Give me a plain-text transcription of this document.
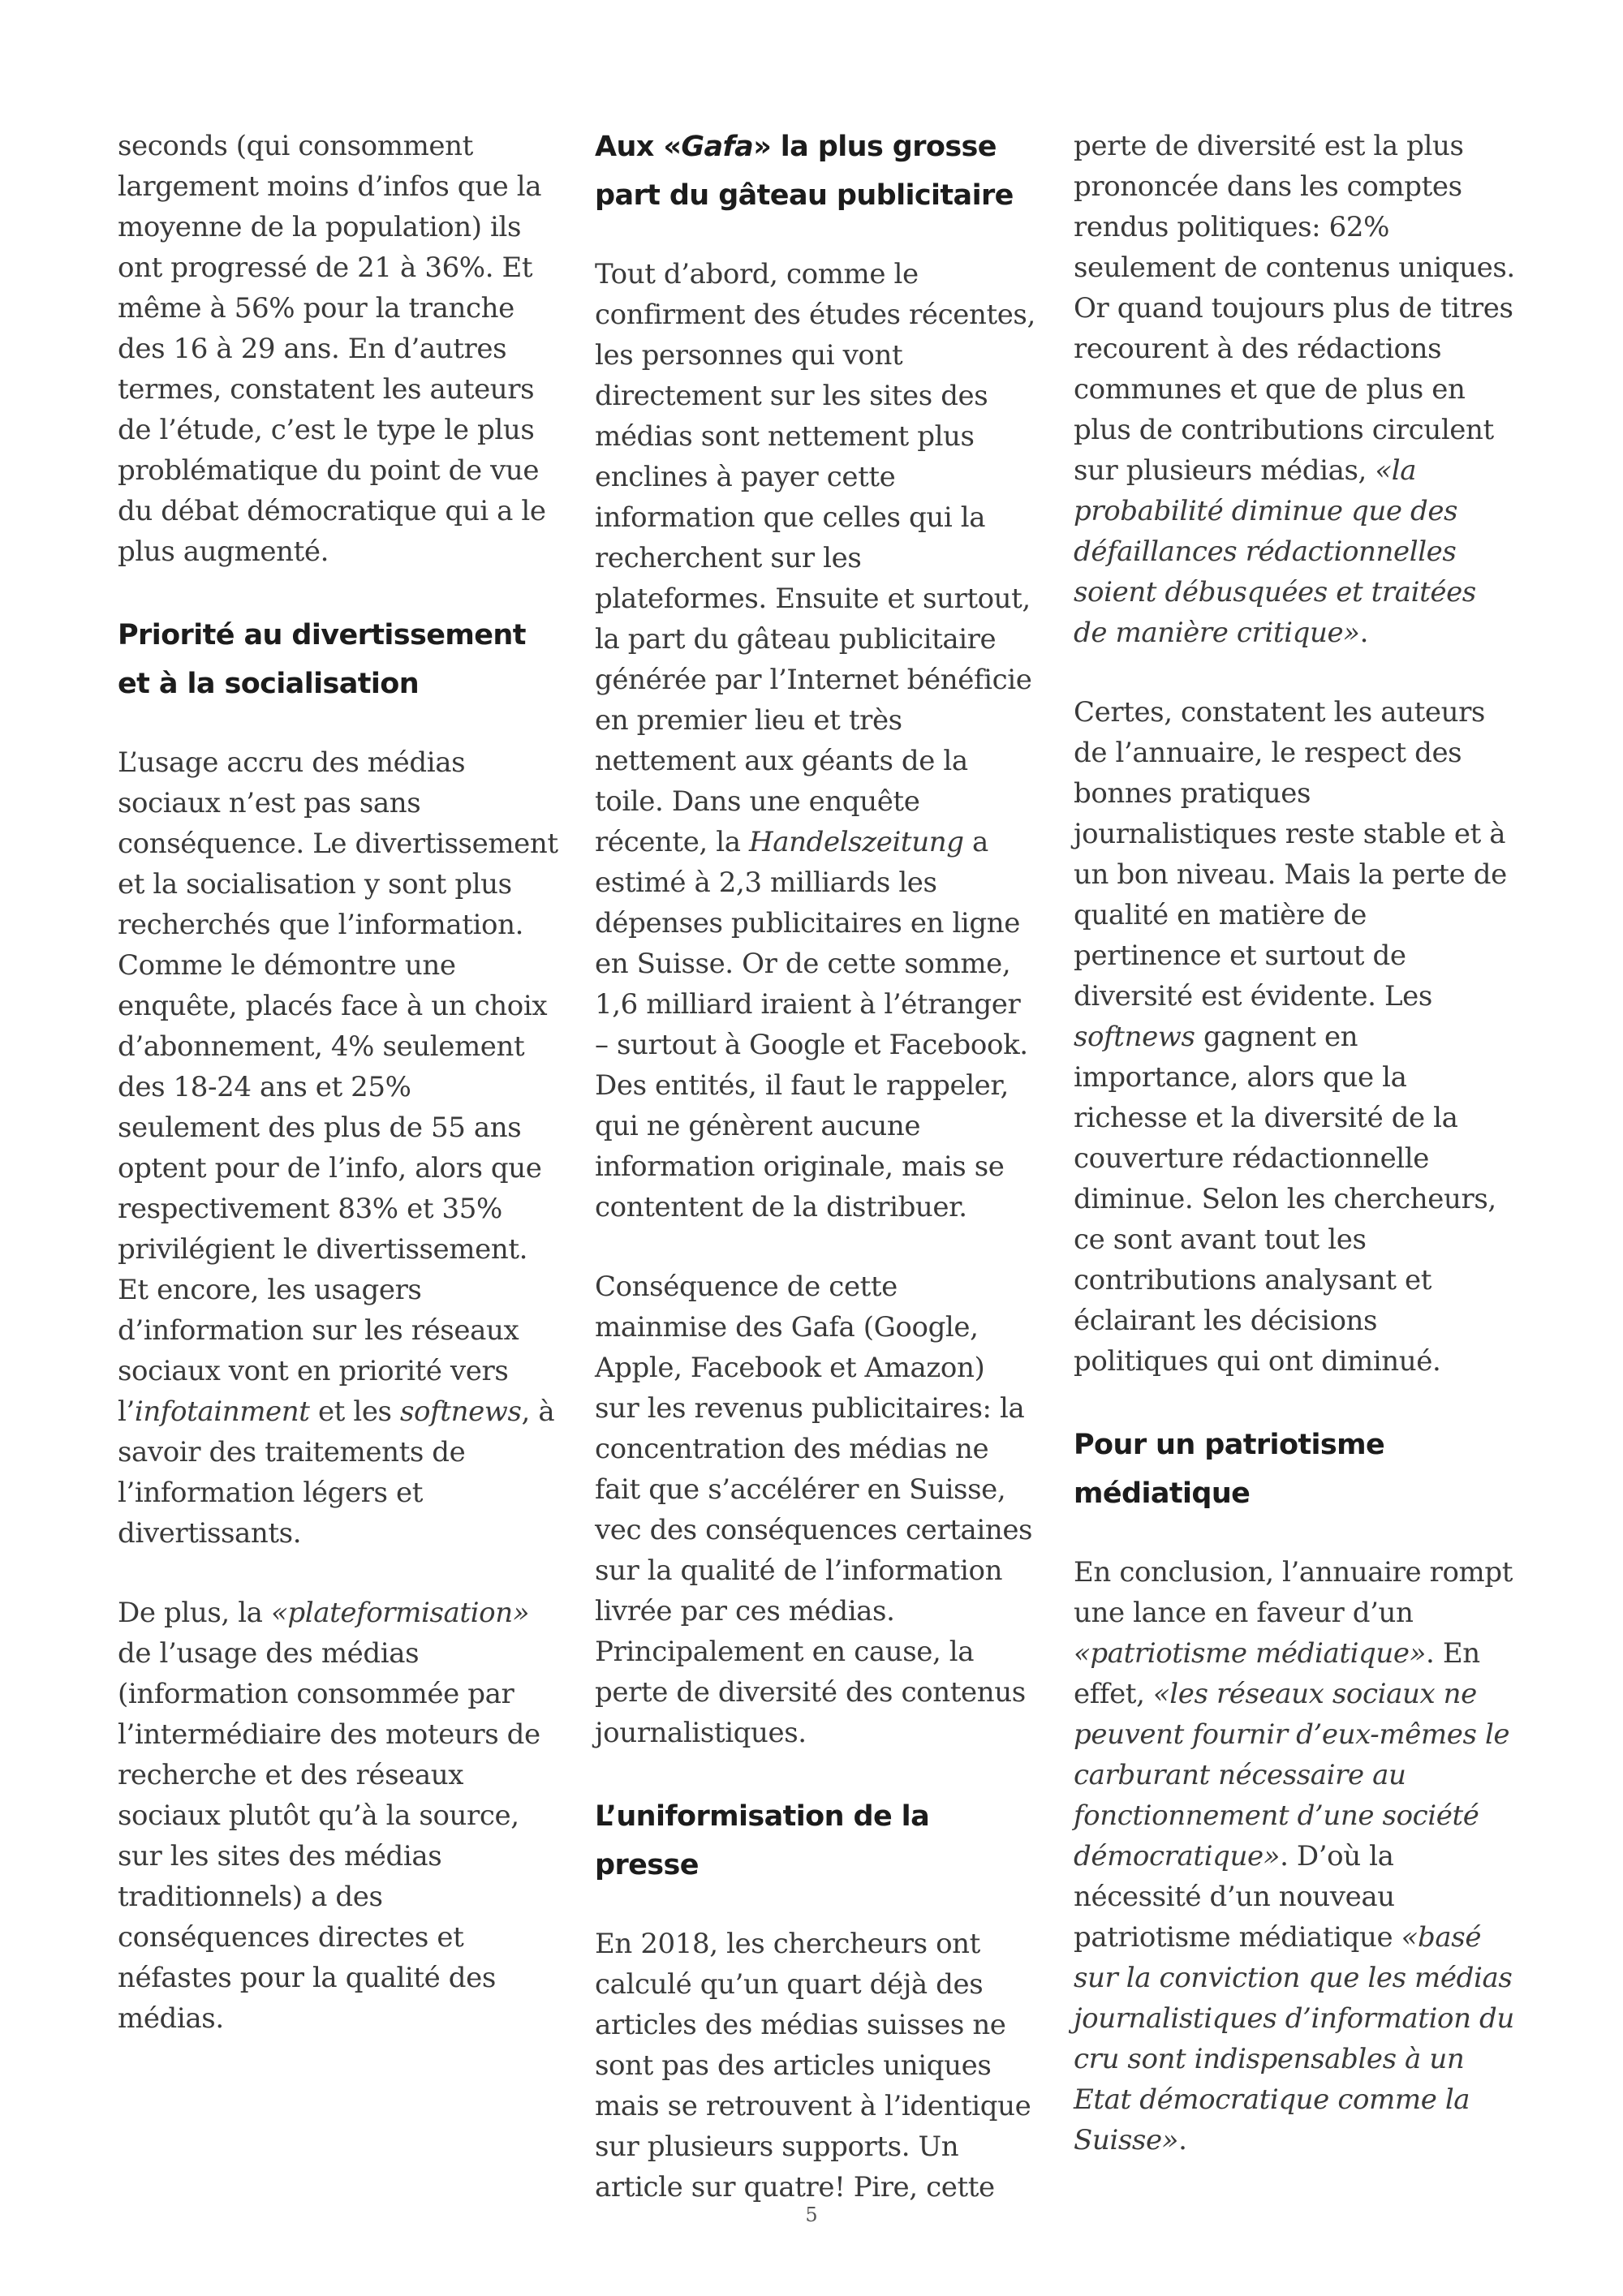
seconds (qui consomment largement moins d’infos que la moyenne de la population) ils ont progressé de 21 à 36%. Et même à 56% pour la tranche des 16 à 29 ans. En d’autres termes, constatent les auteurs de l’étude, c’est le type le plus problématique du point de vue du débat démocratique qui a le plus augmenté.

Priorité au divertissement et à la socialisation

L’usage accru des médias sociaux n’est pas sans conséquence. Le divertissement et la socialisation y sont plus recherchés que l’information. Comme le démontre une enquête, placés face à un choix d’abonnement, 4% seulement des 18-24 ans et 25% seulement des plus de 55 ans optent pour de l’info, alors que respectivement 83% et 35% privilégient le divertissement. Et encore, les usagers d’information sur les réseaux sociaux vont en priorité vers l’infotainment et les softnews, à savoir des traitements de l’information légers et divertissants.

De plus, la «plateformisation» de l’usage des médias (information consommée par l’intermédiaire des moteurs de recherche et des réseaux sociaux plutôt qu’à la source, sur les sites des médias traditionnels) a des conséquences directes et néfastes pour la qualité des médias.

Aux «Gafa» la plus grosse part du gâteau publicitaire

Tout d’abord, comme le confirment des études récentes, les personnes qui vont directement sur les sites des médias sont nettement plus enclines à payer cette information que celles qui la recherchent sur les plateformes. Ensuite et surtout, la part du gâteau publicitaire générée par l’Internet bénéficie en premier lieu et très nettement aux géants de la toile. Dans une enquête récente, la Handelszeitung a estimé à 2,3 milliards les dépenses publicitaires en ligne en Suisse. Or de cette somme, 1,6 milliard iraient à l’étranger – surtout à Google et Facebook. Des entités, il faut le rappeler, qui ne génèrent aucune information originale, mais se contentent de la distribuer.

Conséquence de cette mainmise des Gafa (Google, Apple, Facebook et Amazon) sur les revenus publicitaires: la concentration des médias ne fait que s’accélérer en Suisse, vec des conséquences certaines sur la qualité de l’information livrée par ces médias. Principalement en cause, la perte de diversité des contenus journalistiques.

L’uniformisation de la presse

En 2018, les chercheurs ont calculé qu’un quart déjà des articles des médias suisses ne sont pas des articles uniques mais se retrouvent à l’identique sur plusieurs supports. Un article sur quatre! Pire, cette

perte de diversité est la plus prononcée dans les comptes rendus politiques: 62% seulement de contenus uniques. Or quand toujours plus de titres recourent à des rédactions communes et que de plus en plus de contributions circulent sur plusieurs médias, «la probabilité diminue que des défaillances rédactionnelles soient débusquées et traitées de manière critique».

Certes, constatent les auteurs de l’annuaire, le respect des bonnes pratiques journalistiques reste stable et à un bon niveau. Mais la perte de qualité en matière de pertinence et surtout de diversité est évidente. Les softnews gagnent en importance, alors que la richesse et la diversité de la couverture rédactionnelle diminue. Selon les chercheurs, ce sont avant tout les contributions analysant et éclairant les décisions politiques qui ont diminué.

Pour un patriotisme médiatique

En conclusion, l’annuaire rompt une lance en faveur d’un «patriotisme médiatique». En effet, «les réseaux sociaux ne peuvent fournir d’eux-mêmes le carburant nécessaire au fonctionnement d’une société démocratique». D’où la nécessité d’un nouveau patriotisme médiatique «basé sur la conviction que les médias journalistiques d’information du cru sont indispensables à un Etat démocratique comme la Suisse».

5
